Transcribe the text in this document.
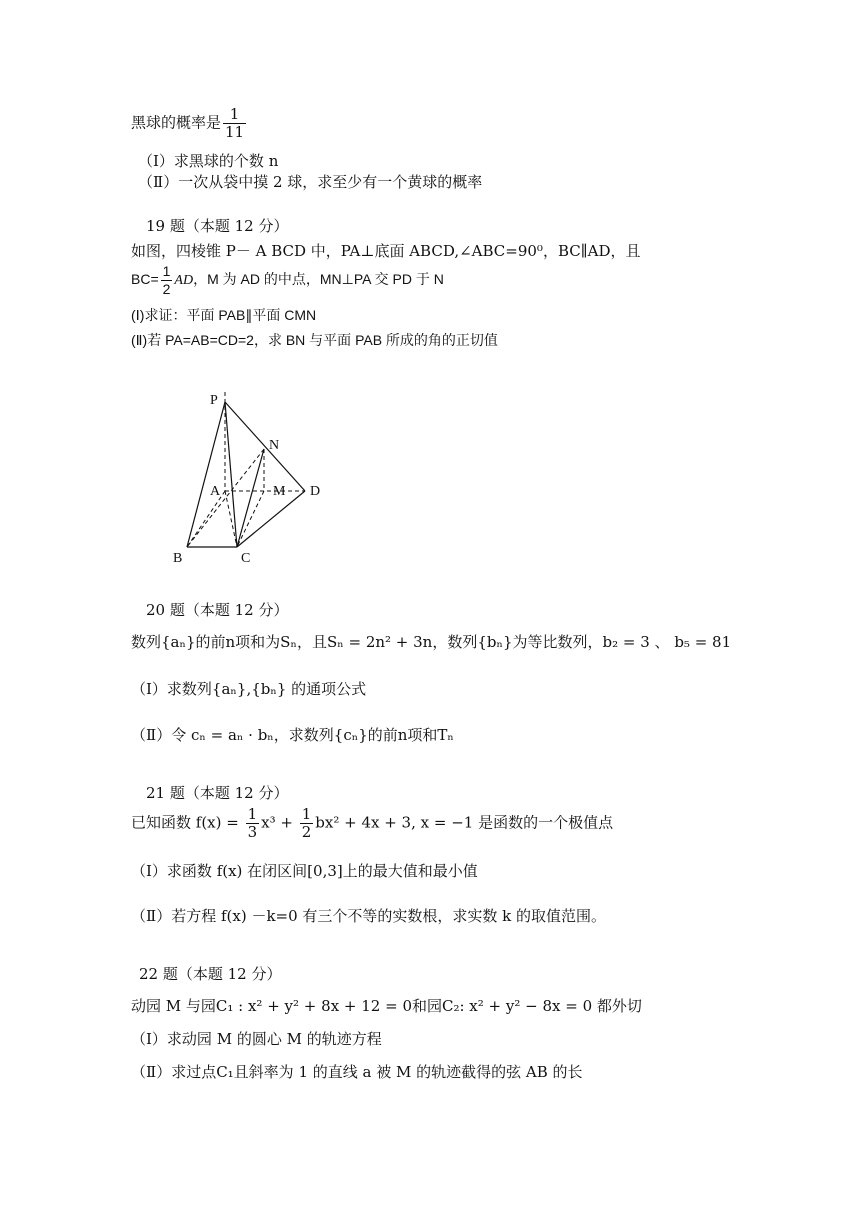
黑球的概率是 $\frac{1}{11}$
（Ⅰ）求黑球的个数 n
（Ⅱ）一次从袋中摸 2 球，求至少有一个黄球的概率
19 题（本题 12 分）
如图，四棱锥 P－ A BCD 中，PA⊥底面 ABCD,∠ABC=90⁰，BC∥AD，且
$BC= \frac{1}{2}$ AD，M 为 AD 的中点，MN⊥PA 交 PD 于 N
(Ⅰ)求证：平面 PAB∥平面 CMN
(Ⅱ)若 PA=AB=CD=2，求 BN 与平面 PAB 所成的角的正切值
P
N
A	M D
B	C
20 题（本题 12 分）
数列{aₙ}的前n项和为Sₙ，且Sₙ = 2n² + 3n，数列{bₙ}为等比数列，b₂ = 3 、 b₅ = 81
（Ⅰ）求数列{aₙ},{bₙ} 的通项公式
（Ⅱ）令 cₙ = aₙ · bₙ，求数列{cₙ}的前n项和Tₙ
21 题（本题 12 分）
已知函数 $f(x) = \frac{1}{3} x^3 + \frac{1}{2} bx^2 + 4x + 3$, x = −1 是函数的一个极值点
（Ⅰ）求函数 f(x) 在闭区间[0,3]上的最大值和最小值
（Ⅱ）若方程 f(x) －k=0 有三个不等的实数根，求实数 k 的取值范围。
22 题（本题 12 分）
动园 M 与园C₁ : x² + y² + 8x + 12 = 0和园C₂: x² + y² − 8x = 0 都外切
（Ⅰ）求动园 M 的圆心 M 的轨迹方程
（Ⅱ）求过点C₁且斜率为 1 的直线 a 被 M 的轨迹截得的弦 AB 的长
